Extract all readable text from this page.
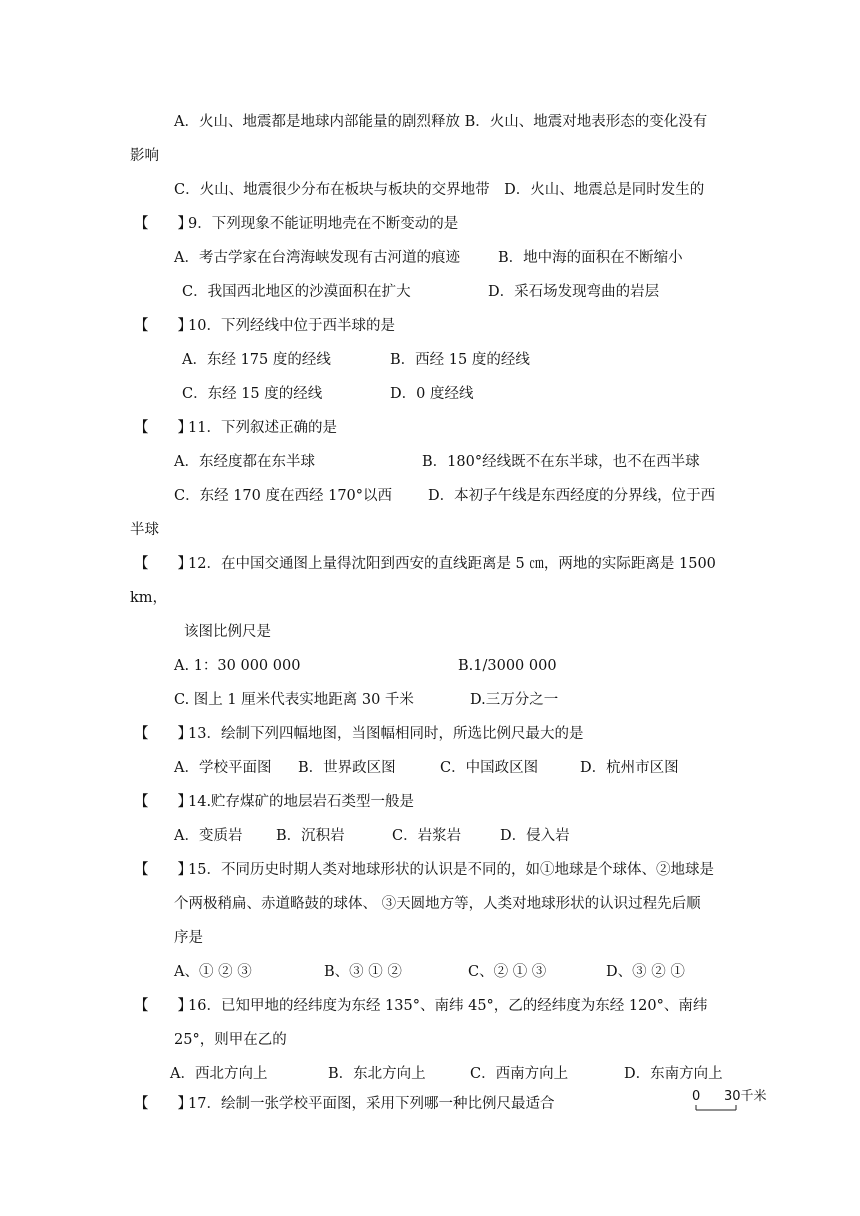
A．火山、地震都是地球内部能量的剧烈释放 B．火山、地震对地表形态的变化没有
影响
C．火山、地震很少分布在板块与板块的交界地带　D．火山、地震总是同时发生的
【　　】
9．下列现象不能证明地壳在不断变动的是
A．考古学家在台湾海峡发现有古河道的痕迹	B．地中海的面积在不断缩小
C．我国西北地区的沙漠面积在扩大	D．采石场发现弯曲的岩层
【　　】
10．下列经线中位于西半球的是
A．东经 175 度的经线	B．西经 15 度的经线
C．东经 15 度的经线	D．0 度经线
【　　】
11．下列叙述正确的是
A．东经度都在东半球	B．180°经线既不在东半球，也不在西半球
C．东经 170 度在西经 170°以西 D．本初子午线是东西经度的分界线，位于西
半球
【　　】
12．在中国交通图上量得沈阳到西安的直线距离是 5 ㎝，两地的实际距离是 1500
km，
该图比例尺是
A. 1：30 000 000	B.1/3000 000
C. 图上 1 厘米代表实地距离 30 千米	D.三万分之一
【　　】
13．绘制下列四幅地图，当图幅相同时，所选比例尺最大的是
A．学校平面图 B．世界政区图	C．中国政区图	D．杭州市区图
【　　】
14.贮存煤矿的地层岩石类型一般是
A．变质岩 B．沉积岩	C．岩浆岩	D．侵入岩
【　　】
15．不同历史时期人类对地球形状的认识是不同的，如①地球是个球体、②地球是
个两极稍扁、赤道略鼓的球体、 ③天圆地方等，人类对地球形状的认识过程先后顺
序是
A、① ② ③	B、③ ① ②	C、② ① ③	D、③ ② ①
【　　】
16．已知甲地的经纬度为东经 135°、南纬 45°，乙的经纬度为东经 120°、南纬
25°，则甲在乙的
A．西北方向上	B．东北方向上	C．西南方向上	D．东南方向上
【　　】
17．绘制一张学校平面图，采用下列哪一种比例尺最适合	0 30千米
